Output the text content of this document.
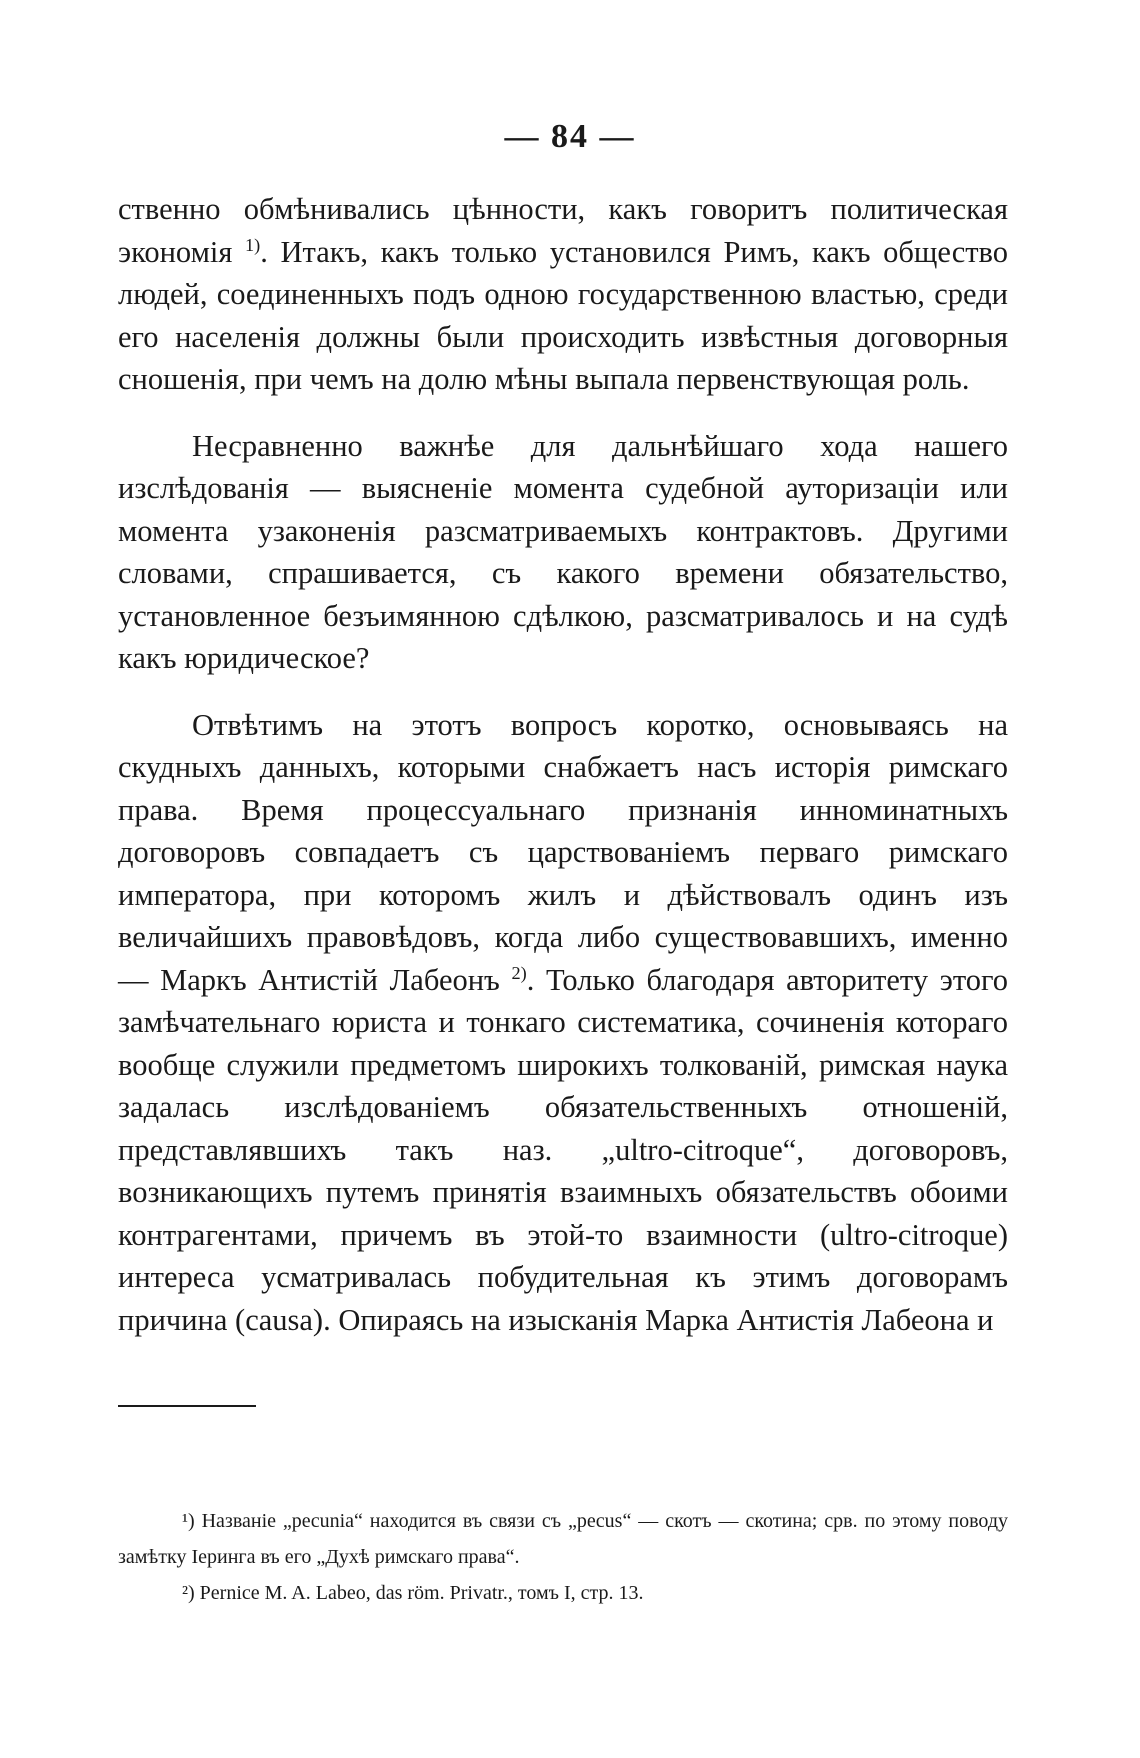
— 84 —

ственно обмѣнивались цѣнности, какъ говоритъ политическая экономія $^{1)}$. Итакъ, какъ только установился Римъ, какъ общество людей, соединенныхъ подъ одною государственною властью, среди его населенія должны были происходить извѣстныя договорныя сношенія, при чемъ на долю мѣны выпала первенствующая роль.

Несравненно важнѣе для дальнѣйшаго хода нашего изслѣдованія — выясненіе момента судебной ауторизаціи или момента узаконенія разсматриваемыхъ контрактовъ. Другими словами, спрашивается, съ какого времени обязательство, установленное безъимянною сдѣлкою, разсматривалось и на судѣ какъ юридическое?

Отвѣтимъ на этотъ вопросъ коротко, основываясь на скудныхъ данныхъ, которыми снабжаетъ насъ исторія римскаго права. Время процессуальнаго признанія инноминатныхъ договоровъ совпадаетъ съ царствованіемъ перваго римскаго императора, при которомъ жилъ и дѣйствовалъ одинъ изъ величайшихъ правовѣдовъ, когда либо существовавшихъ, именно — Маркъ Антистій Лабеонъ $^{2)}$. Только благодаря авторитету этого замѣчательнаго юриста и тонкаго систематика, сочиненія котораго вообще служили предметомъ широкихъ толкованій, римская наука задалась изслѣдованіемъ обязательственныхъ отношеній, представлявшихъ такъ наз. „ultro-citroque“, договоровъ, возникающихъ путемъ принятія взаимныхъ обязательствъ обоими контрагентами, причемъ въ этой-то взаимности (ultro-citroque) интереса усматривалась побудительная къ этимъ договорамъ причина (causa). Опираясь на изысканія Марка Антистія Лабеона и

¹) Названіе „pecunia“ находится въ связи съ „pecus“ — скотъ — скотина; срв. по этому поводу замѣтку Іеринга въ его „Духѣ римскаго права“.

²) Pernice M. A. Labeo, das röm. Privatr., томъ I, стр. 13.
